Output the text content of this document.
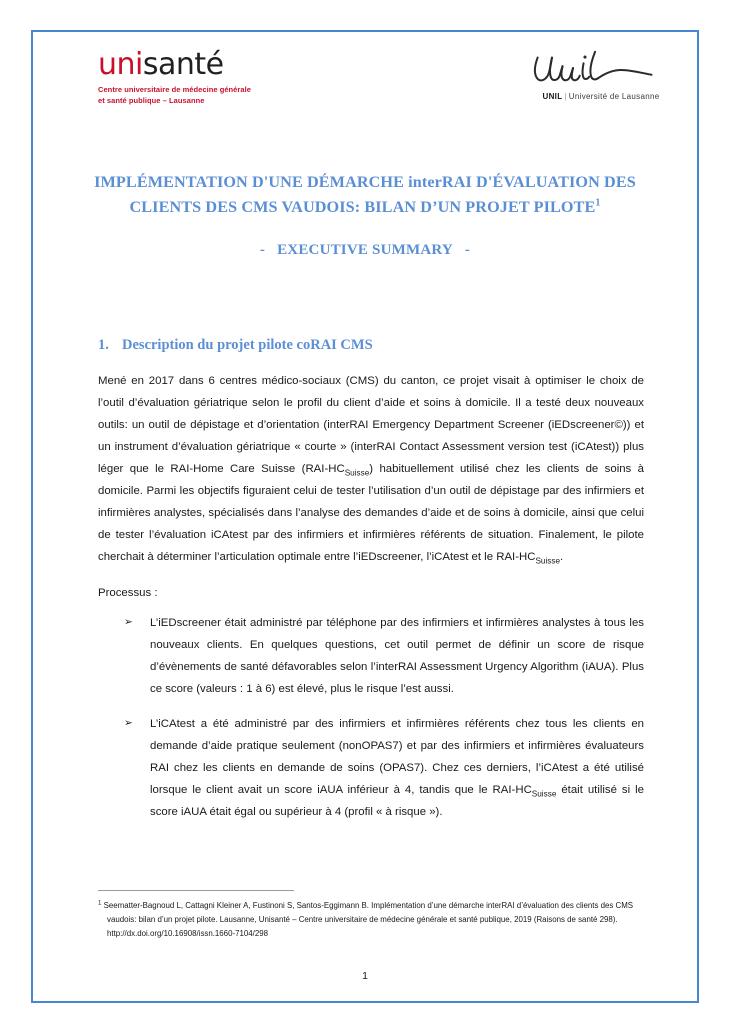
unisanté
Centre universitaire de médecine générale
et santé publique – Lausanne	UNIL | Université de Lausanne
IMPLÉMENTATION D'UNE DÉMARCHE interRAI D'ÉVALUATION DES
CLIENTS DES CMS VAUDOIS: BILAN D’UN PROJET PILOTE$^1$
- EXECUTIVE SUMMARY -
1. Description du projet pilote coRAI CMS

Mené en 2017 dans 6 centres médico-sociaux (CMS) du canton, ce projet visait à optimiser le choix de l’outil d’évaluation gériatrique selon le profil du client d’aide et soins à domicile. Il a testé deux nouveaux outils: un outil de dépistage et d’orientation (interRAI Emergency Department Screener (iEDscreener©)) et un instrument d’évaluation gériatrique « courte » (interRAI Contact Assessment version test (iCAtest)) plus léger que le RAI-Home Care Suisse $(RAI-HC_{Suisse})$ habituellement utilisé chez les clients de soins à domicile. Parmi les objectifs figuraient celui de tester l’utilisation d’un outil de dépistage par des infirmiers et infirmières analystes, spécialisés dans l’analyse des demandes d’aide et de soins à domicile, ainsi que celui de tester l’évaluation iCAtest par des infirmiers et infirmières référents de situation. Finalement, le pilote cherchait à déterminer l’articulation optimale entre l’iEDscreener, l’iCAtest et le RAI-$HC_{Suisse}$.

Processus :

➢ L’iEDscreener était administré par téléphone par des infirmiers et infirmières analystes à tous les nouveaux clients. En quelques questions, cet outil permet de définir un score de risque d’évènements de santé défavorables selon l’interRAI Assessment Urgency Algorithm (iAUA). Plus ce score (valeurs : 1 à 6) est élevé, plus le risque l’est aussi.
➢ L’iCAtest a été administré par des infirmiers et infirmières référents chez tous les clients en demande d’aide pratique seulement (nonOPAS7) et par des infirmiers et infirmières évaluateurs RAI chez les clients en demande de soins (OPAS7). Chez ces derniers, l’iCAtest a été utilisé lorsque le client avait un score iAUA inférieur à 4, tandis que le RAI-$HC_{Suisse}$ était utilisé si le score iAUA était égal ou supérieur à 4 (profil « à risque »).
$^1$ Seematter-Bagnoud L, Cattagni Kleiner A, Fustinoni S, Santos-Eggimann B. Implémentation d’une démarche interRAI d’évaluation des clients des CMS vaudois: bilan d’un projet pilote. Lausanne, Unisanté – Centre universitaire de médecine générale et santé publique, 2019 (Raisons de santé 298). http://dx.doi.org/10.16908/issn.1660-7104/298
1
